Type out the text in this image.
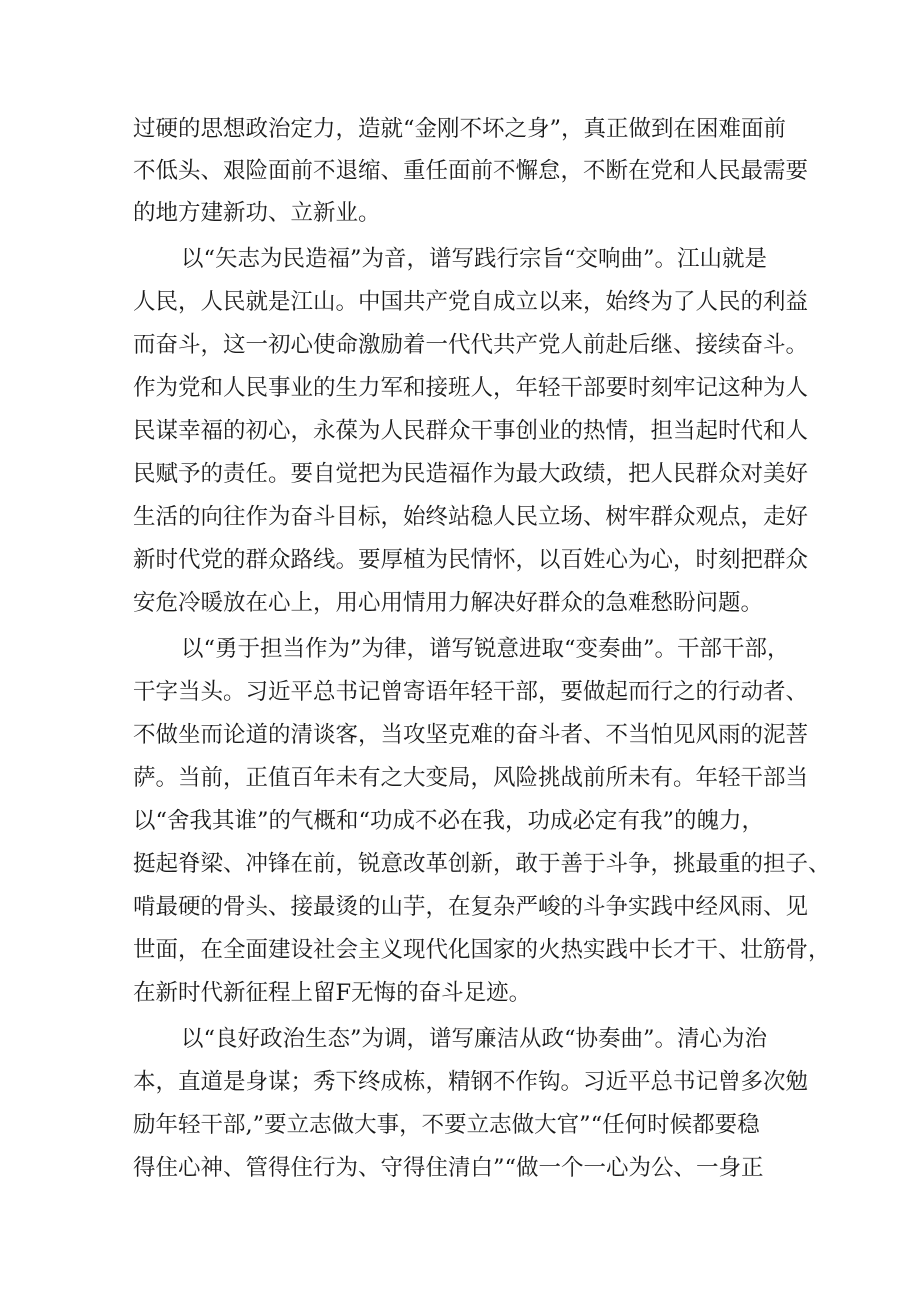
过硬的思想政治定力，造就“金刚不坏之身”，真正做到在困难面前
不低头、艰险面前不退缩、重任面前不懈怠，不断在党和人民最需要
的地方建新功、立新业。
以“矢志为民造福”为音，谱写践行宗旨“交响曲”。江山就是
人民，人民就是江山。中国共产党自成立以来，始终为了人民的利益
而奋斗，这一初心使命激励着一代代共产党人前赴后继、接续奋斗。
作为党和人民事业的生力军和接班人，年轻干部要时刻牢记这种为人
民谋幸福的初心，永葆为人民群众干事创业的热情，担当起时代和人
民赋予的责任。要自觉把为民造福作为最大政绩，把人民群众对美好
生活的向往作为奋斗目标，始终站稳人民立场、树牢群众观点，走好
新时代党的群众路线。要厚植为民情怀，以百姓心为心，时刻把群众
安危冷暖放在心上，用心用情用力解决好群众的急难愁盼问题。
以“勇于担当作为”为律，谱写锐意进取“变奏曲”。干部干部，
干字当头。习近平总书记曾寄语年轻干部，要做起而行之的行动者、
不做坐而论道的清谈客，当攻坚克难的奋斗者、不当怕见风雨的泥菩
萨。当前，正值百年未有之大变局，风险挑战前所未有。年轻干部当
以“舍我其谁”的气概和“功成不必在我，功成必定有我”的魄力，
挺起脊梁、冲锋在前，锐意改革创新，敢于善于斗争，挑最重的担子、
啃最硬的骨头、接最烫的山芋，在复杂严峻的斗争实践中经风雨、见
世面，在全面建设社会主义现代化国家的火热实践中长才干、壮筋骨，
在新时代新征程上留F无悔的奋斗足迹。
以“良好政治生态”为调，谱写廉洁从政“协奏曲”。清心为治
本，直道是身谋；秀下终成栋，精钢不作钩。习近平总书记曾多次勉
励年轻干部,”要立志做大事，不要立志做大官”“任何时候都要稳
得住心神、管得住行为、守得住清白”“做一个一心为公、一身正
